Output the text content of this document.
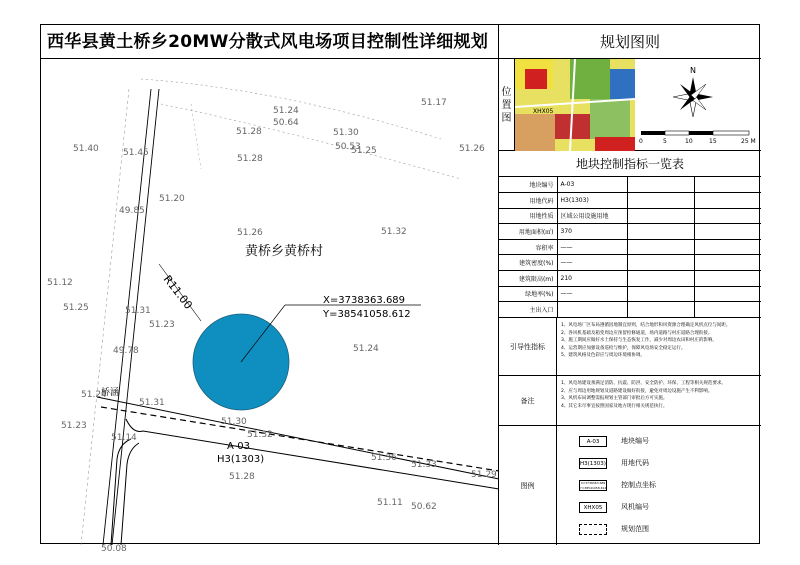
西华县黄土桥乡20MW分散式风电场项目控制性详细规划
黄桥乡黄桥村
X=3738363.689
Y=38541058.612
R11.00
A-03
H3(1303)
桥涵
51.24
50.64
51.28	51.30
50.53
51.25
51.28
51.40	51.45	51.26
51.20
49.85
51.32
51.26
51.12
51.25	51.31
51.23
49.78	51.24
51.31
51.24
51.23
51.14
51.30
51.32
51.36
51.33
51.29
51.28
51.11 50.62
50.08
51.17
规划图则
位
置
图
XHX05
N
0	5	10	15	25 M
地块控制指标一览表
地块编号	A-03		
用地代码	H3(1303)		
用地性质	区域公用设施用地		
用地面积(㎡)	370		
容积率	——		
建筑密度(%)	——		
建筑限高(m)	210		
绿地率(%)	——		
主出入口			
引导性指标
1、风电场厂区布局遵循因地制宜原则，结合地形和风资源合理确定风机点位与间距。
2、各风机基础及箱变周边应预留检修通道，场内道路与村庄道路合理衔接。
3、施工期间应做好水土保持与生态恢复工作，减少对周边农田和村庄的影响。
4、运营期应加强设备巡检与维护，保障风电场安全稳定运行。
5、建筑风格及色彩应与周边环境相协调。
备注
1、风电场建设须满足消防、抗震、防洪、安全防护、环保、工程等相关规范要求。
2、应与周边用地规划及道路建设做好衔接，避免对周边设施产生不利影响。
3、风机布局调整需报规划主管部门审批后方可实施。
4、其它未尽事宜按照国家及地方现行相关规范执行。
图例
A-03	地块编号
H3(1303) 用地代码
X=3738363.689 Y=38541058.612 控制点坐标
XHX05	风机编号
规划范围
